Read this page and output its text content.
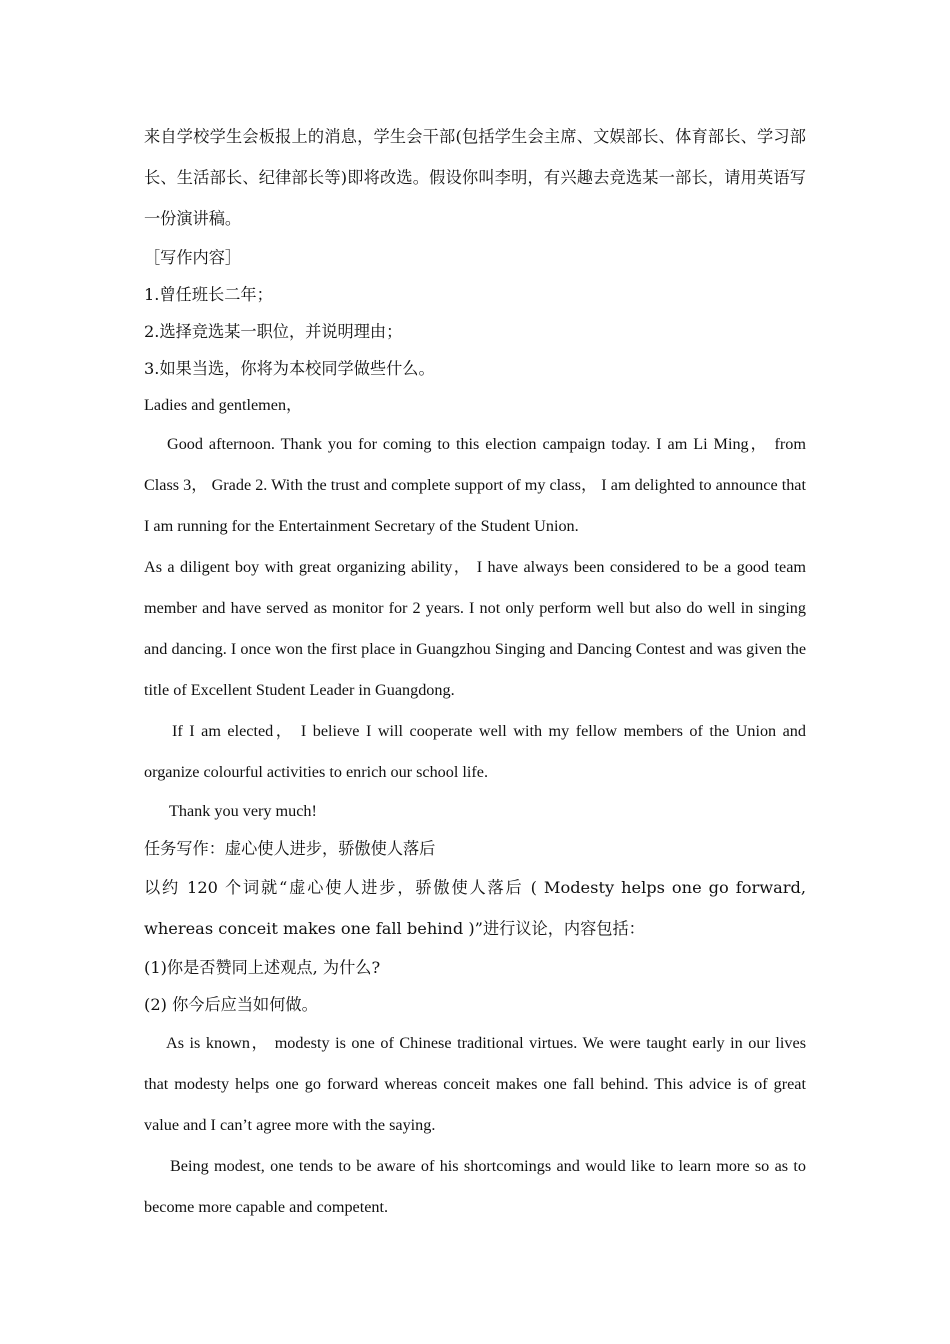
来自学校学生会板报上的消息，学生会干部(包括学生会主席、文娱部长、体育部长、学习部长、生活部长、纪律部长等)即将改选。假设你叫李明，有兴趣去竞选某一部长，请用英语写一份演讲稿。

［写作内容］

1.曾任班长二年；

2.选择竞选某一职位，并说明理由；

3.如果当选，你将为本校同学做些什么。

Ladies and gentlemen，

Good afternoon. Thank you for coming to this election campaign today. I am Li Ming， from Class 3， Grade 2. With the trust and complete support of my class， I am delighted to announce that I am running for the Entertainment Secretary of the Student Union.

As a diligent boy with great organizing ability， I have always been considered to be a good team member and have served as monitor for 2 years. I not only perform well but also do well in singing and dancing. I once won the first place in Guangzhou Singing and Dancing Contest and was given the title of Excellent Student Leader in Guangdong.

If I am elected， I believe I will cooperate well with my fellow members of the Union and organize colourful activities to enrich our school life.

Thank you very much!

任务写作：虚心使人进步，骄傲使人落后

以约 120 个词就“虚心使人进步，骄傲使人落后 ( Modesty helps one go forward, whereas conceit makes one fall behind )”进行议论，内容包括：

(1)你是否赞同上述观点, 为什么?

(2) 你今后应当如何做。

As is known， modesty is one of Chinese traditional virtues. We were taught early in our lives that modesty helps one go forward whereas conceit makes one fall behind. This advice is of great value and I can’t agree more with the saying.

Being modest, one tends to be aware of his shortcomings and would like to learn more so as to become more capable and competent.
